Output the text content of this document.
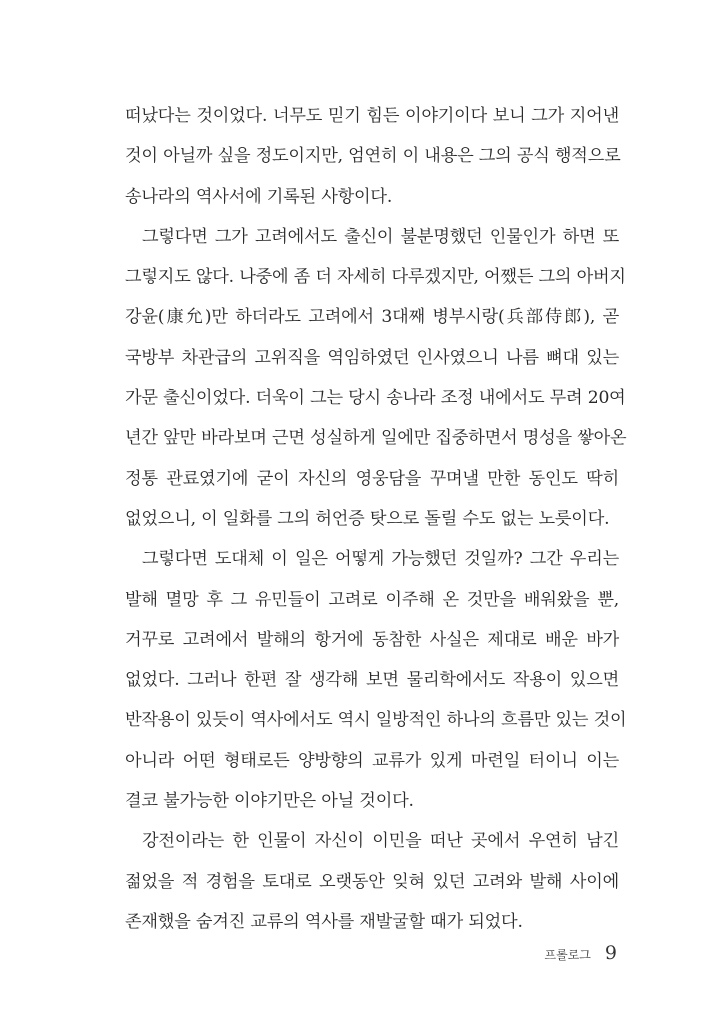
떠났다는 것이었다. 너무도 믿기 힘든 이야기이다 보니 그가 지어낸
것이 아닐까 싶을 정도이지만, 엄연히 이 내용은 그의 공식 행적으로
송나라의 역사서에 기록된 사항이다.
그렇다면 그가 고려에서도 출신이 불분명했던 인물인가 하면 또
그렇지도 않다. 나중에 좀 더 자세히 다루겠지만, 어쨌든 그의 아버지
강윤(康允)만 하더라도 고려에서 3대째 병부시랑(兵部侍郎), 곧
국방부 차관급의 고위직을 역임하였던 인사였으니 나름 뼈대 있는
가문 출신이었다. 더욱이 그는 당시 송나라 조정 내에서도 무려 20여
년간 앞만 바라보며 근면 성실하게 일에만 집중하면서 명성을 쌓아온
정통 관료였기에 굳이 자신의 영웅담을 꾸며낼 만한 동인도 딱히
없었으니, 이 일화를 그의 허언증 탓으로 돌릴 수도 없는 노릇이다.
그렇다면 도대체 이 일은 어떻게 가능했던 것일까? 그간 우리는
발해 멸망 후 그 유민들이 고려로 이주해 온 것만을 배워왔을 뿐,
거꾸로 고려에서 발해의 항거에 동참한 사실은 제대로 배운 바가
없었다. 그러나 한편 잘 생각해 보면 물리학에서도 작용이 있으면
반작용이 있듯이 역사에서도 역시 일방적인 하나의 흐름만 있는 것이
아니라 어떤 형태로든 양방향의 교류가 있게 마련일 터이니 이는
결코 불가능한 이야기만은 아닐 것이다.
강전이라는 한 인물이 자신이 이민을 떠난 곳에서 우연히 남긴
젊었을 적 경험을 토대로 오랫동안 잊혀 있던 고려와 발해 사이에
존재했을 숨겨진 교류의 역사를 재발굴할 때가 되었다.
프롤로그 9
